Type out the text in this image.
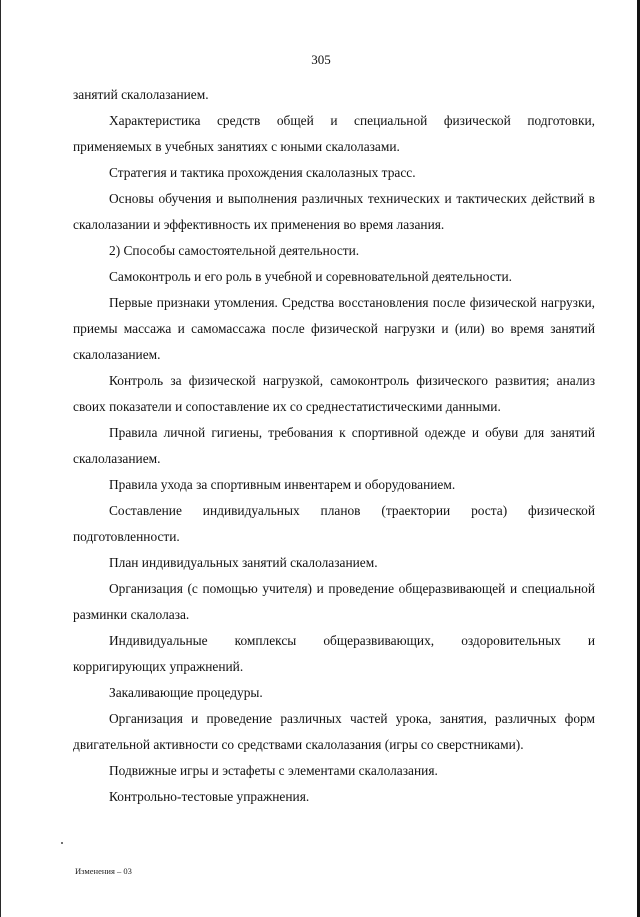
305

занятий скалолазанием.

Характеристика средств общей и специальной физической подготовки, применяемых в учебных занятиях с юными скалолазами.

Стратегия и тактика прохождения скалолазных трасс.

Основы обучения и выполнения различных технических и тактических действий в скалолазании и эффективность их применения во время лазания.

2) Способы самостоятельной деятельности.

Самоконтроль и его роль в учебной и соревновательной деятельности.

Первые признаки утомления. Средства восстановления после физической нагрузки, приемы массажа и самомассажа после физической нагрузки и (или) во время занятий скалолазанием.

Контроль за физической нагрузкой, самоконтроль физического развития; анализ своих показатели и сопоставление их со среднестатистическими данными.

Правила личной гигиены, требования к спортивной одежде и обуви для занятий скалолазанием.

Правила ухода за спортивным инвентарем и оборудованием.

Составление индивидуальных планов (траектории роста) физической подготовленности.

План индивидуальных занятий скалолазанием.

Организация (с помощью учителя) и проведение общеразвивающей и специальной разминки скалолаза.

Индивидуальные комплексы общеразвивающих, оздоровительных и корригирующих упражнений.

Закаливающие процедуры.

Организация и проведение различных частей урока, занятия, различных форм двигательной активности со средствами скалолазания (игры со сверстниками).

Подвижные игры и эстафеты с элементами скалолазания.

Контрольно-тестовые упражнения.

Изменения – 03
